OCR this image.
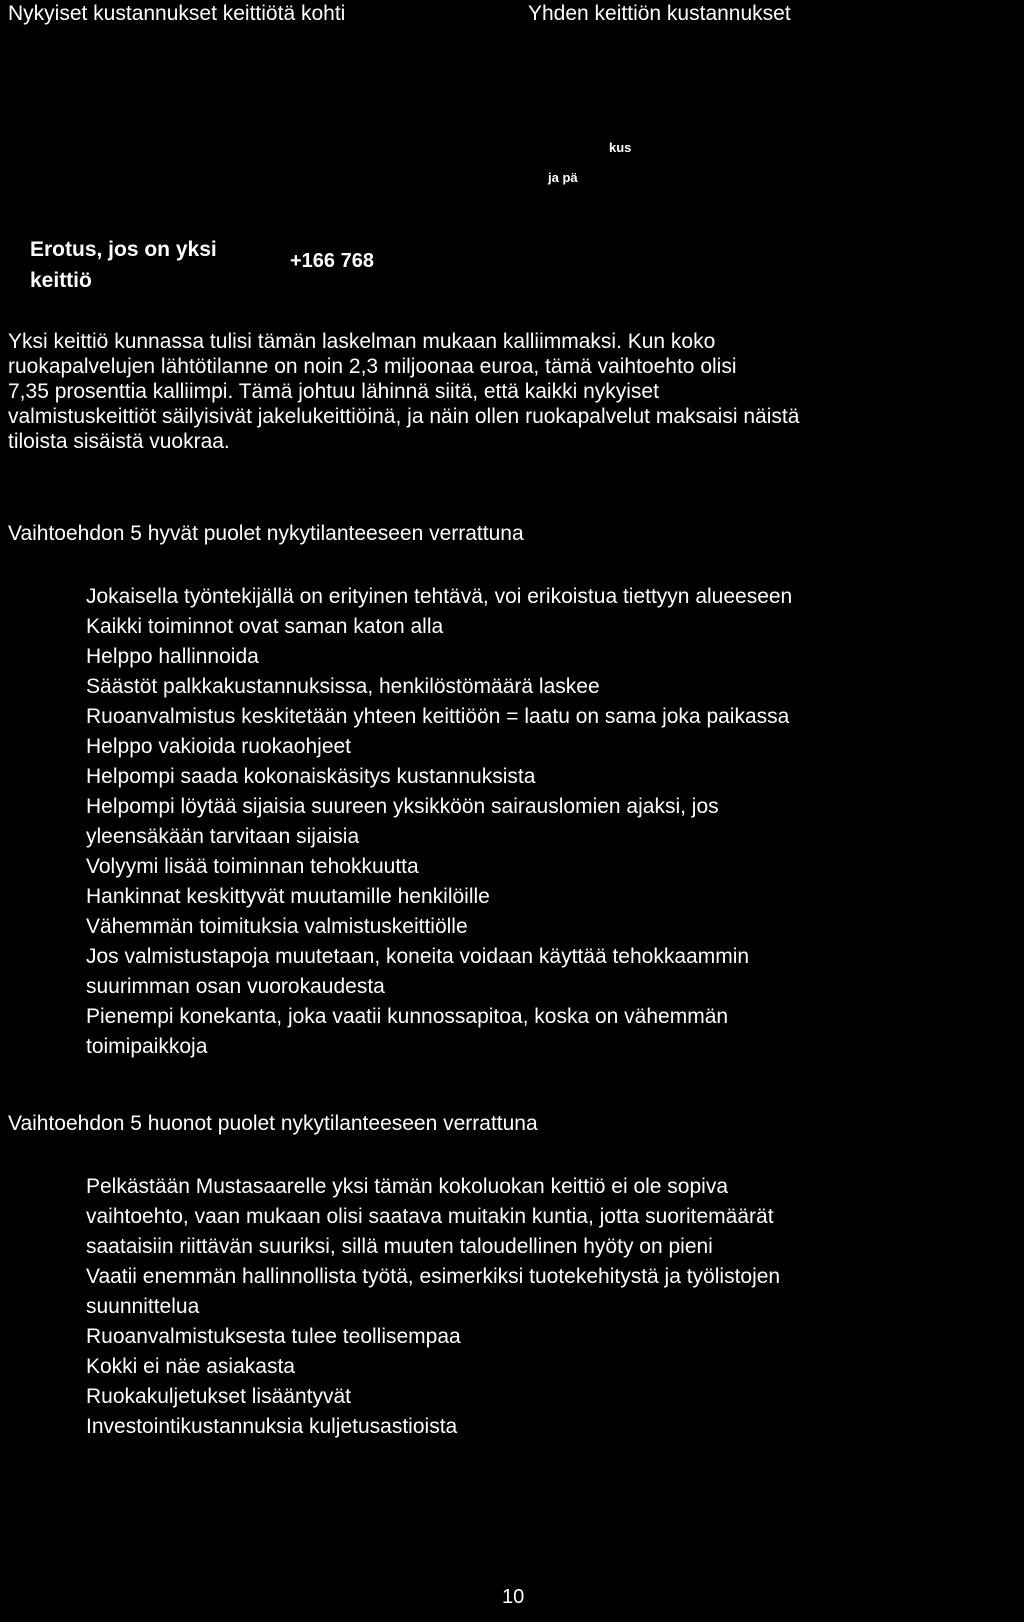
Nykyiset kustannukset keittiötä kohti	Yhden keittiön kustannukset
kus
ja pä
Erotus, jos on yksi
keittiö
+166 768
Yksi keittiö kunnassa tulisi tämän laskelman mukaan kalliimmaksi. Kun koko
ruokapalvelujen lähtötilanne on noin 2,3 miljoonaa euroa, tämä vaihtoehto olisi
7,35 prosenttia kalliimpi. Tämä johtuu lähinnä siitä, että kaikki nykyiset
valmistuskeittiöt säilyisivät jakelukeittiöinä, ja näin ollen ruokapalvelut maksaisi näistä
tiloista sisäistä vuokraa.
Vaihtoehdon 5 hyvät puolet nykytilanteeseen verrattuna
Jokaisella työntekijällä on erityinen tehtävä, voi erikoistua tiettyyn alueeseen
Kaikki toiminnot ovat saman katon alla
Helppo hallinnoida
Säästöt palkkakustannuksissa, henkilöstömäärä laskee
Ruoanvalmistus keskitetään yhteen keittiöön = laatu on sama joka paikassa
Helppo vakioida ruokaohjeet
Helpompi saada kokonaiskäsitys kustannuksista
Helpompi löytää sijaisia suureen yksikköön sairauslomien ajaksi, jos
yleensäkään tarvitaan sijaisia
Volyymi lisää toiminnan tehokkuutta
Hankinnat keskittyvät muutamille henkilöille
Vähemmän toimituksia valmistuskeittiölle
Jos valmistustapoja muutetaan, koneita voidaan käyttää tehokkaammin
suurimman osan vuorokaudesta
Pienempi konekanta, joka vaatii kunnossapitoa, koska on vähemmän
toimipaikkoja
Vaihtoehdon 5 huonot puolet nykytilanteeseen verrattuna
Pelkästään Mustasaarelle yksi tämän kokoluokan keittiö ei ole sopiva
vaihtoehto, vaan mukaan olisi saatava muitakin kuntia, jotta suoritemäärät
saataisiin riittävän suuriksi, sillä muuten taloudellinen hyöty on pieni
Vaatii enemmän hallinnollista työtä, esimerkiksi tuotekehitystä ja työlistojen
suunnittelua
Ruoanvalmistuksesta tulee teollisempaa
Kokki ei näe asiakasta
Ruokakuljetukset lisääntyvät
Investointikustannuksia kuljetusastioista
10
